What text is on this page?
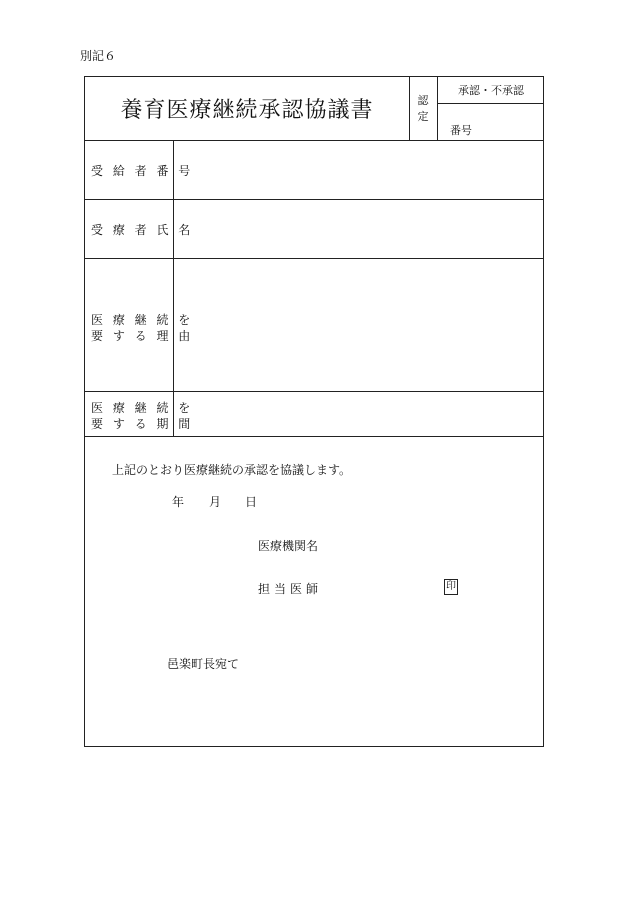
別記６
養育医療継続承認協議書	認
定
承認・不承認
番号
受 給 者 番 号
受 療 者 氏 名
医 療 継 続 を
要 す る 理 由
医 療 継 続 を
要 す る 期 間
上記のとおり医療継続の承認を協議します。
年 月 日
医療機関名
担当医師	印
邑楽町長宛て
